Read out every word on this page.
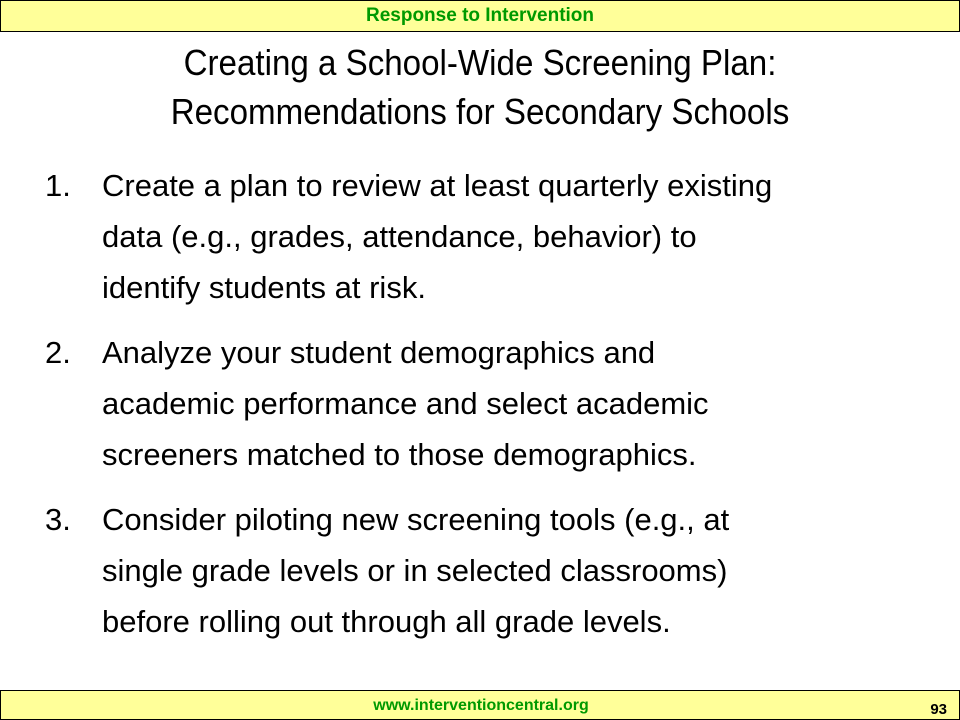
Response to Intervention
Creating a School-Wide Screening Plan:
Recommendations for Secondary Schools
1.	Create a plan to review at least quarterly existing
data (e.g., grades, attendance, behavior) to
identify students at risk.
2.	Analyze your student demographics and
academic performance and select academic
screeners matched to those demographics.
3.	Consider piloting new screening tools (e.g., at
single grade levels or in selected classrooms)
before rolling out through all grade levels.
www.interventioncentral.org	93
